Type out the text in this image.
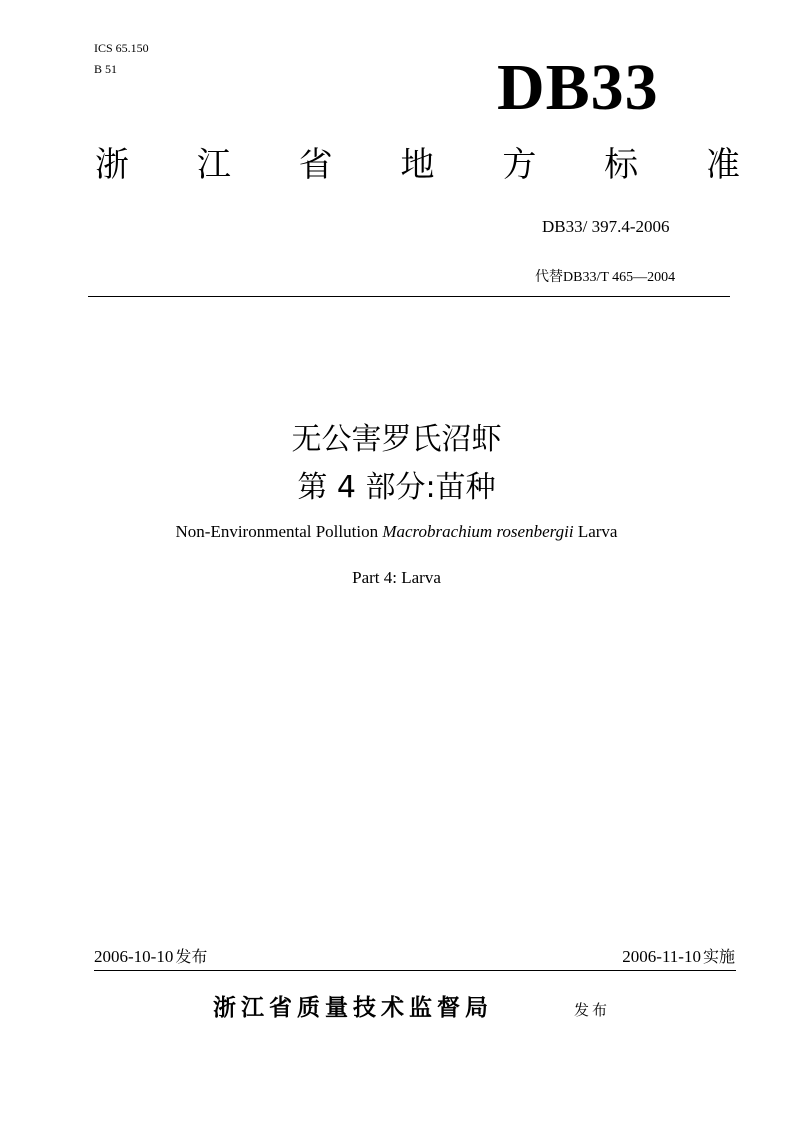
ICS 65.150
B 51	DB33
浙 江 省 地 方 标 准
DB33/ 397.4-2006
代替DB33/T 465—2004
无公害罗氏沼虾
第 4 部分:苗种
Non-Environmental Pollution Macrobrachium rosenbergii Larva
Part 4: Larva
2006-10-10 发布	2006-11-10 实施
浙江省质量技术监督局	发布
